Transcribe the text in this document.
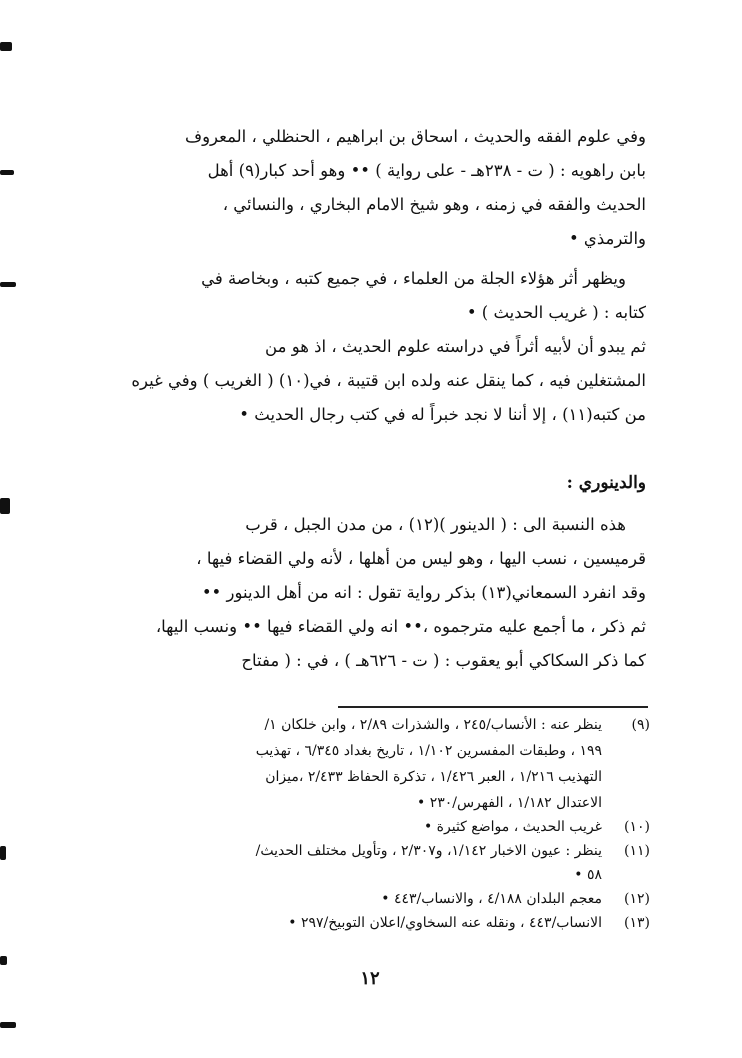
وفي علوم الفقه والحديث ، اسحاق بن ابراهيم ، الحنظلي ، المعروف
بابن راهويه : ( ت - ٢٣٨هـ - على رواية ) •• وهو أحد كبار(٩) أهل
الحديث والفقه في زمنه ، وهو شيخ الامام البخاري ، والنسائي ،
والترمذي •
ويظهر أثر هؤلاء الجلة من العلماء ، في جميع كتبه ، وبخاصة في
كتابه : ( غريب الحديث ) •
ثم يبدو أن لأبيه أثراً في دراسته علوم الحديث ، اذ هو من
المشتغلين فيه ، كما ينقل عنه ولده ابن قتيبة ، في(١٠) ( الغريب ) وفي غيره
من كتبه(١١) ، إلا أننا لا نجد خبراً له في كتب رجال الحديث •
والدينوري :
هذه النسبة الى : ( الدينور )(١٢) ، من مدن الجبل ، قرب
قرميسين ، نسب اليها ، وهو ليس من أهلها ، لأنه ولي القضاء فيها ،
وقد انفرد السمعاني(١٣) بذكر رواية تقول : انه من أهل الدينور ••
ثم ذكر ، ما أجمع عليه مترجموه ،•• انه ولي القضاء فيها •• ونسب اليها،
كما ذكر السكاكي أبو يعقوب : ( ت - ٦٢٦هـ ) ، في : ( مفتاح
(٩)
ينظر عنه : الأنساب/٢٤٥ ، والشذرات ٢/٨٩ ، وابن خلكان ١/
١٩٩ ، وطبقات المفسرين ١/١٠٢ ، تاريخ بغداد ٦/٣٤٥ ، تهذيب
التهذيب ١/٢١٦ ، العبر ١/٤٢٦ ، تذكرة الحفاظ ٢/٤٣٣ ،ميزان
الاعتدال ١/١٨٢ ، الفهرس/٢٣٠ •
(١٠)
غريب الحديث ، مواضع كثيرة •
(١١)
ينظر : عيون الاخبار ١/١٤٢، و٢/٣٠٧ ، وتأويل مختلف الحديث/
٥٨ •
(١٢)
معجم البلدان ٤/١٨٨ ، والانساب/٤٤٣ •
(١٣)
الانساب/٤٤٣ ، ونقله عنه السخاوي/اعلان التوبيخ/٢٩٧ •
١٢
